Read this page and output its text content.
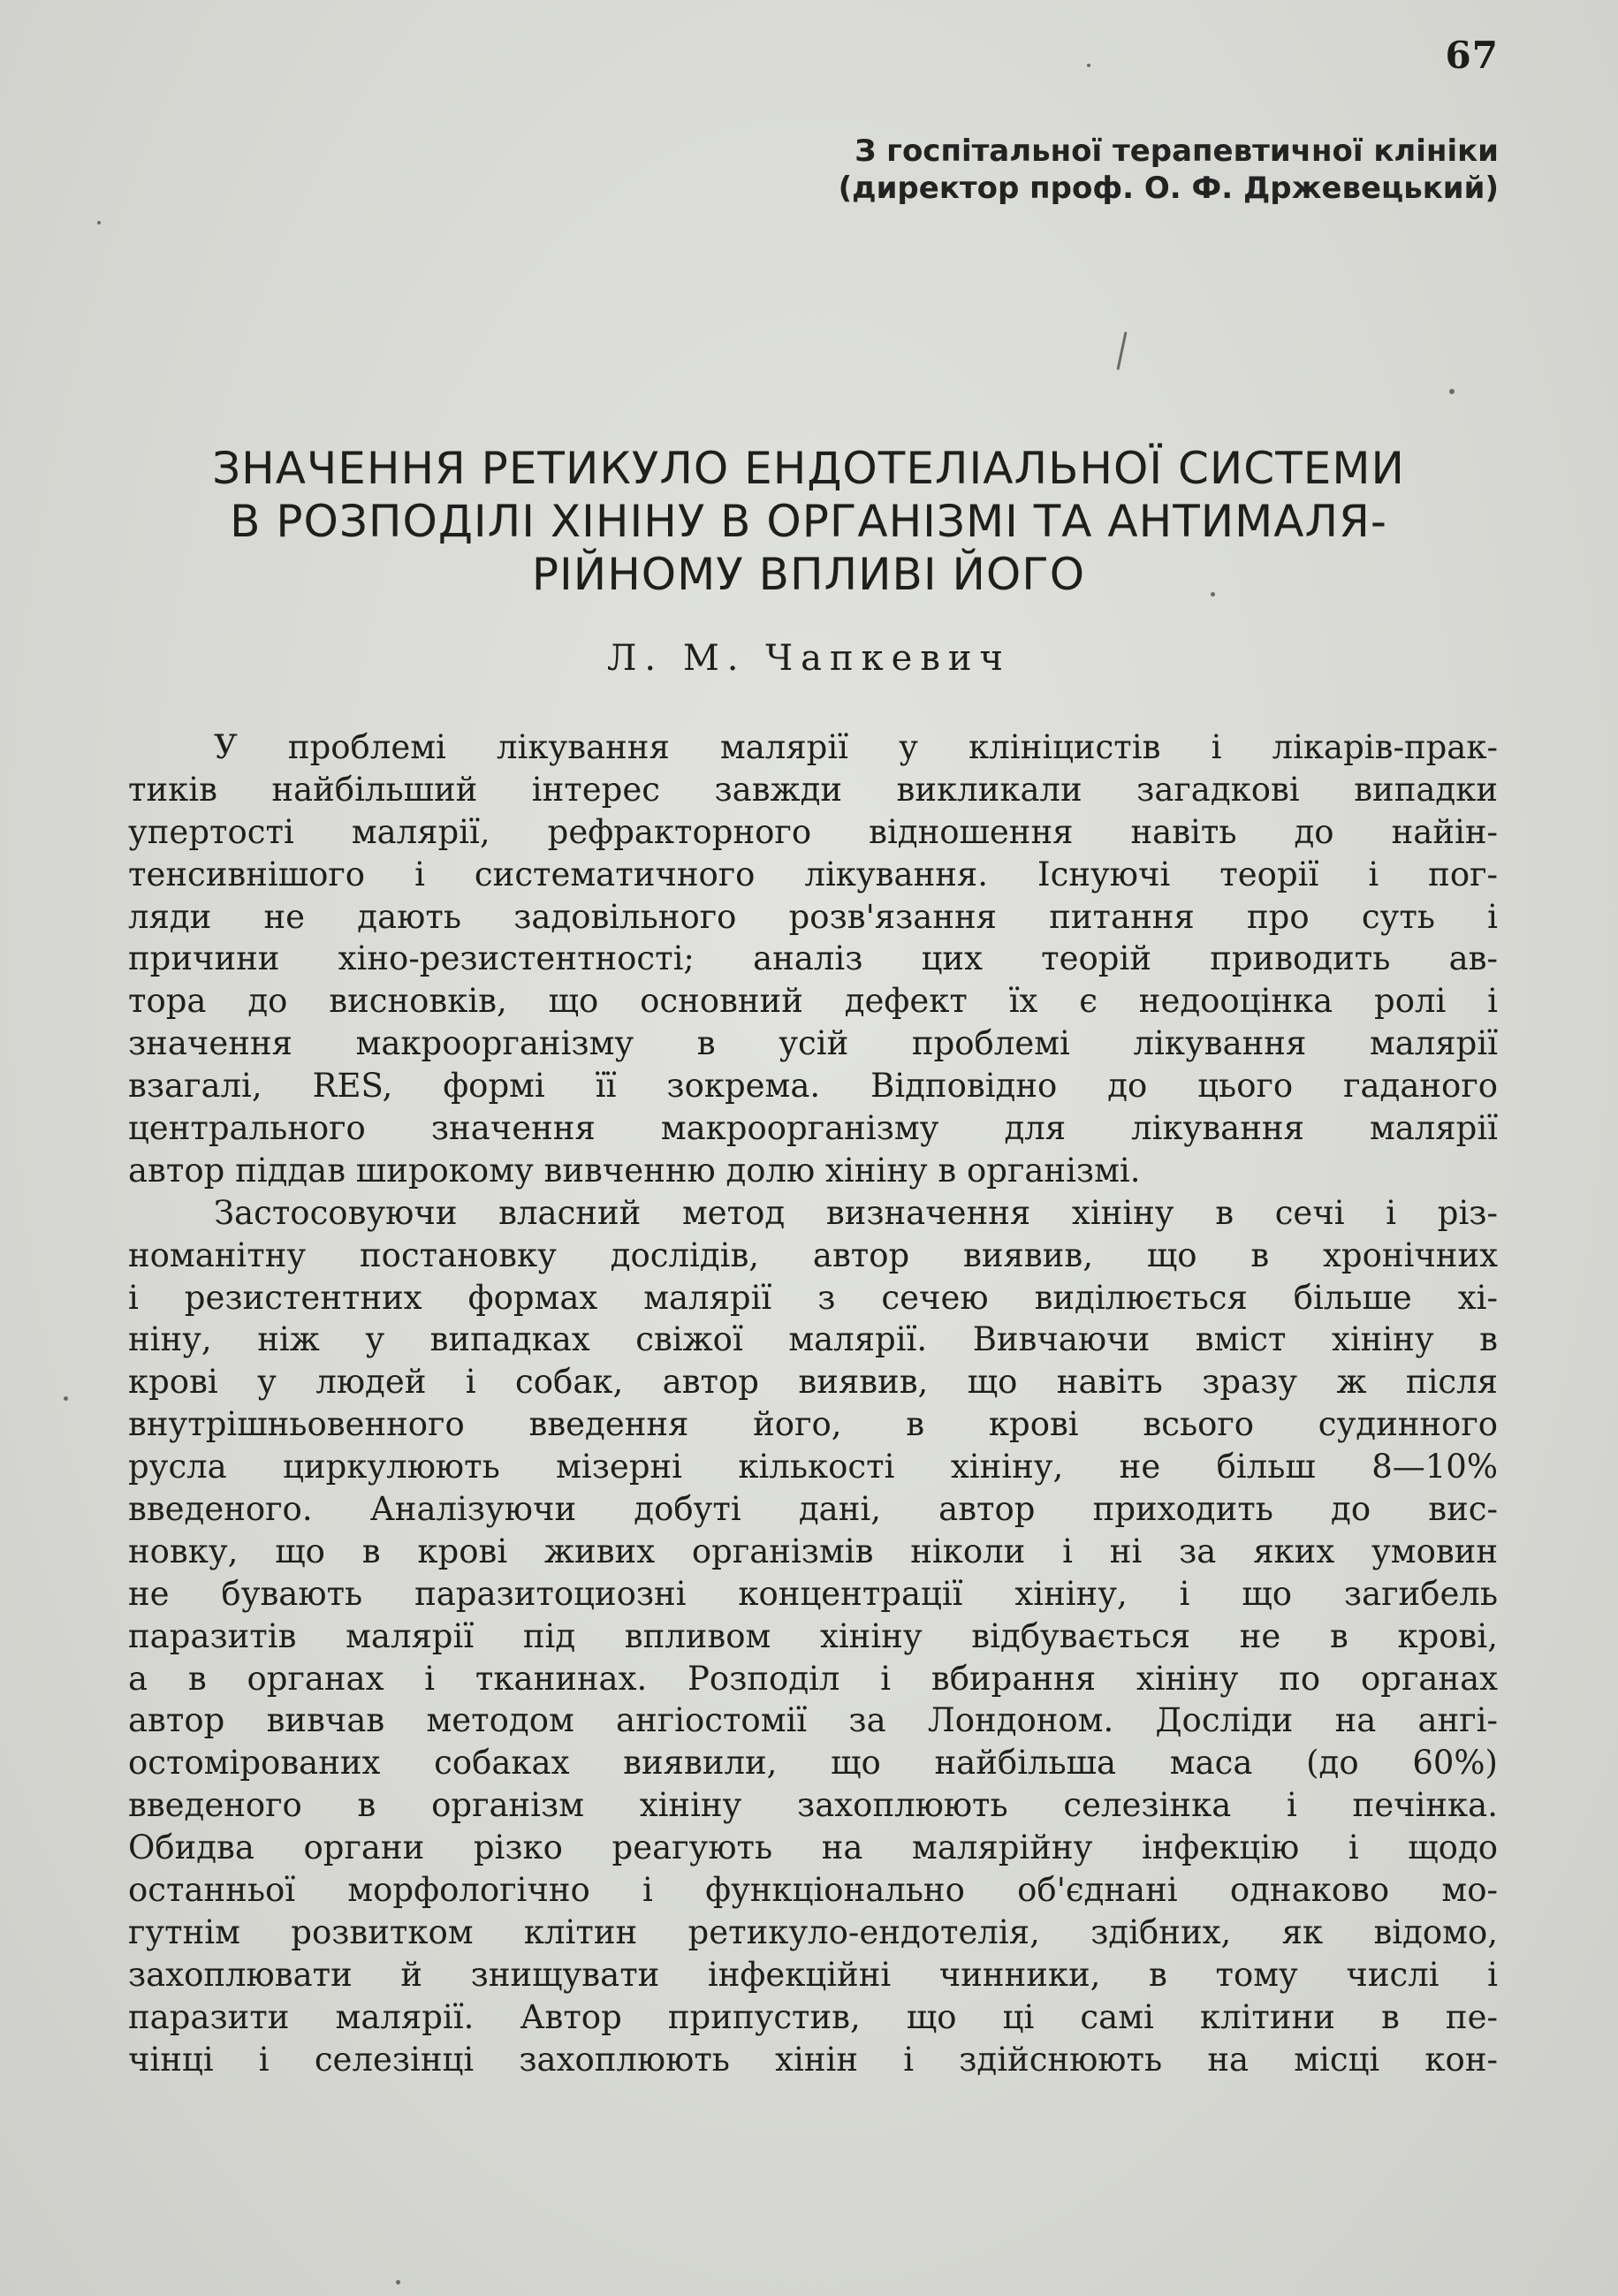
67
З госпітальної терапевтичної клініки
(директор проф. О. Ф. Држевецький)
ЗНАЧЕННЯ РЕТИКУЛО ЕНДОТЕЛІАЛЬНОЇ СИСТЕМИ
В РОЗПОДІЛІ ХІНІНУ В ОРГАНІЗМІ ТА АНТИМАЛЯ-
РІЙНОМУ ВПЛИВІ ЙОГО
Л. М. Чапкевич
У проблемі лікування малярії у клініцистів і лікарів-прак-
тиків найбільший інтерес завжди викликали загадкові випадки
упертості малярії, рефракторного відношення навіть до найін-
тенсивнішого і систематичного лікування. Існуючі теорії і пог-
ляди не дають задовільного розв'язання питання про суть і
причини хіно-резистентності; аналіз цих теорій приводить ав-
тора до висновків, що основний дефект їх є недооцінка ролі і
значення макроорганізму в усій проблемі лікування малярії
взагалі, RES, формі її зокрема. Відповідно до цього гаданого
центрального значення макроорганізму для лікування малярії
автор піддав широкому вивченню долю хініну в організмі.
Застосовуючи власний метод визначення хініну в сечі і різ-
номанітну постановку дослідів, автор виявив, що в хронічних
і резистентних формах малярії з сечею виділюється більше хі-
ніну, ніж у випадках свіжої малярії. Вивчаючи вміст хініну в
крові у людей і собак, автор виявив, що навіть зразу ж після
внутрішньовенного введення його, в крові всього судинного
русла циркулюють мізерні кількості хініну, не більш 8—10%
введеного. Аналізуючи добуті дані, автор приходить до вис-
новку, що в крові живих організмів ніколи і ні за яких умовин
не бувають паразитоциозні концентрації хініну, і що загибель
паразитів малярії під впливом хініну відбувається не в крові,
а в органах і тканинах. Розподіл і вбирання хініну по органах
автор вивчав методом ангіостомії за Лондоном. Досліди на ангі-
остомірованих собаках виявили, що найбільша маса (до 60%)
введеного в організм хініну захоплюють селезінка і печінка.
Обидва органи різко реагують на малярійну інфекцію і щодо
останньої морфологічно і функціонально об'єднані однаково мо-
гутнім розвитком клітин ретикуло-ендотелія, здібних, як відомо,
захоплювати й знищувати інфекційні чинники, в тому числі і
паразити малярії. Автор припустив, що ці самі клітини в пе-
чінці і селезінці захоплюють хінін і здійснюють на місці кон-
